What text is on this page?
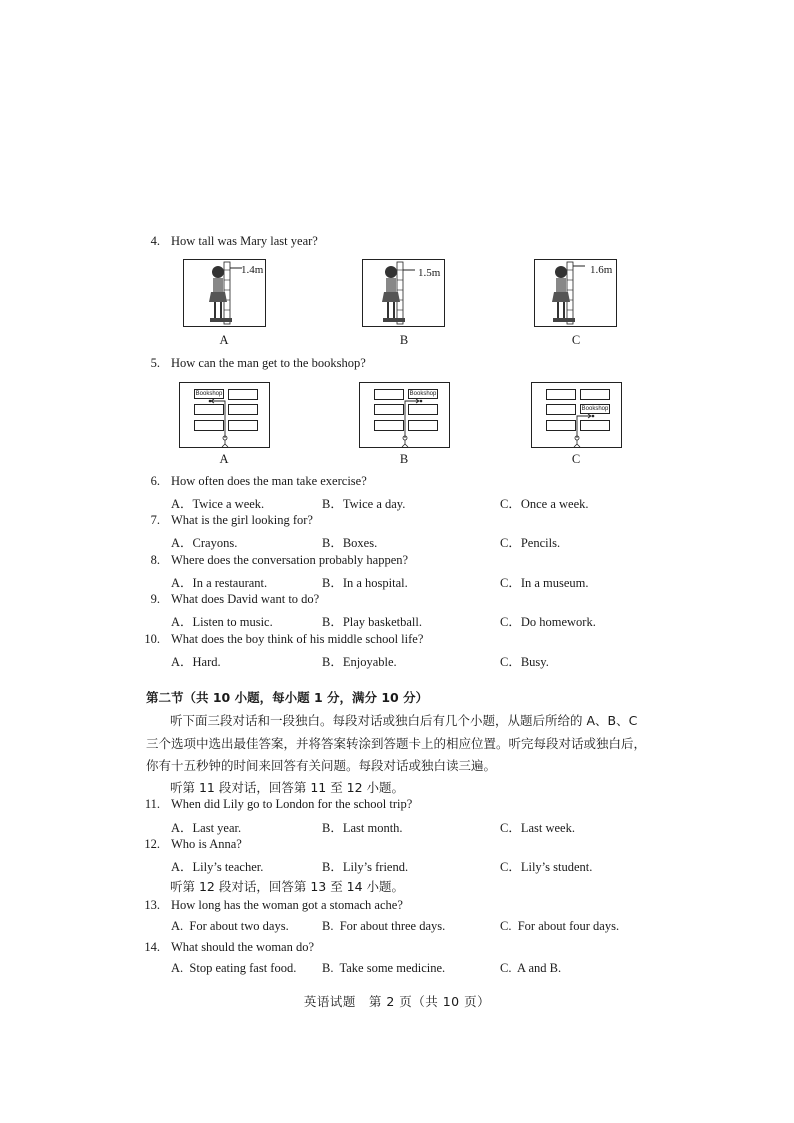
4. How tall was Mary last year?
1.4m
A
1.5m
B
1.6m
C
5. How can the man get to the bookshop?
Bookshop
A
Bookshop
B
Bookshop
C
6. How often does the man take exercise?
A．Twice a week.	B．Twice a day.	C．Once a week.
7. What is the girl looking for?
A．Crayons.	B．Boxes.	C．Pencils.
8. Where does the conversation probably happen?
A．In a restaurant.	B．In a hospital.	C．In a museum.
9. What does David want to do?
A．Listen to music.	B．Play basketball.	C．Do homework.
10. What does the boy think of his middle school life?
A．Hard.	B．Enjoyable.	C．Busy.
第二节（共 10 小题，每小题 1 分，满分 10 分）
听下面三段对话和一段独白。每段对话或独白后有几个小题，从题后所给的 A、B、C
三个选项中选出最佳答案，并将答案转涂到答题卡上的相应位置。听完每段对话或独白后，
你有十五秒钟的时间来回答有关问题。每段对话或独白读三遍。
听第 11 段对话，回答第 11 至 12 小题。
11. When did Lily go to London for the school trip?
A．Last year.	B．Last month.	C．Last week.
12. Who is Anna?
A．Lily’s teacher.	B．Lily’s friend.	C．Lily’s student.
听第 12 段对话，回答第 13 至 14 小题。
13. How long has the woman got a stomach ache?
A.  For about two days.	B.  For about three days.	C.  For about four days.
14. What should the woman do?
A.  Stop eating fast food. B.  Take some medicine.	C.  A and B.
英语试题　第 2 页（共 10 页）
